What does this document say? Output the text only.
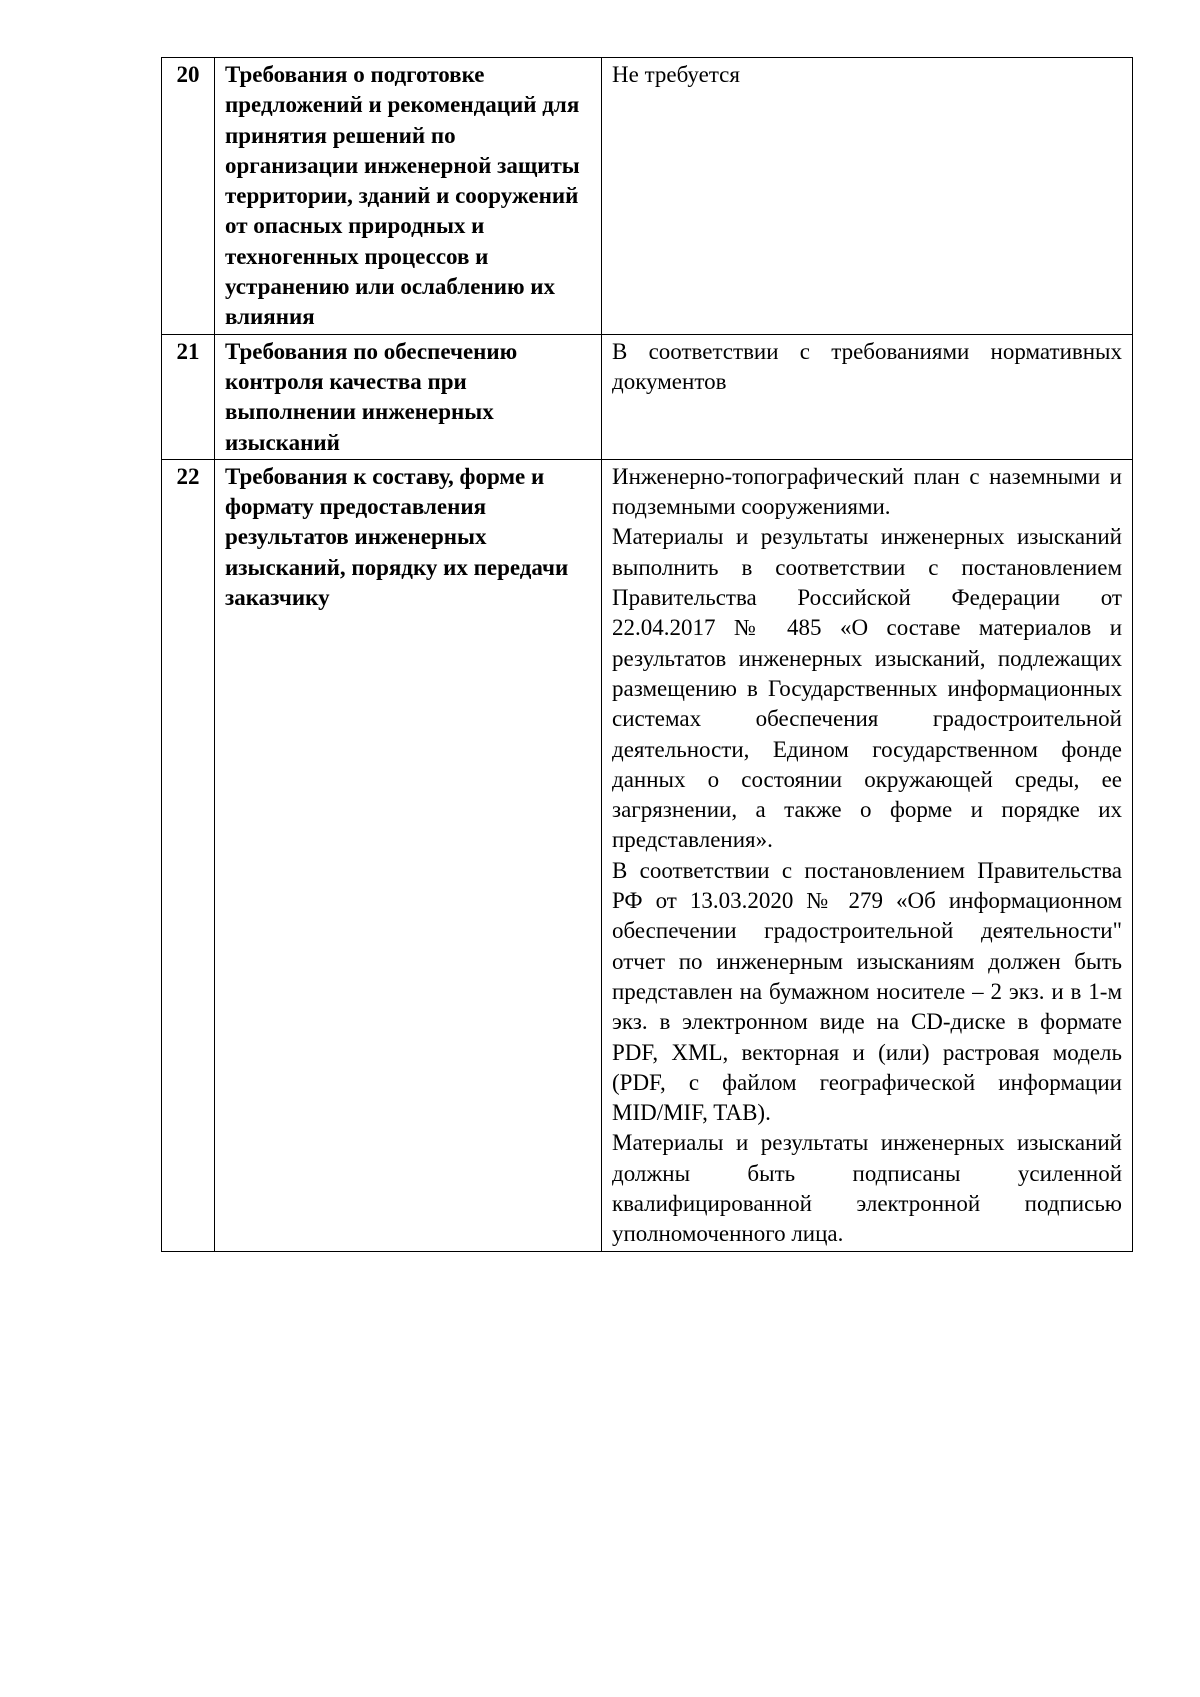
20	Требования о подготовке предложений и рекомендаций для принятия решений по организации инженерной защиты территории, зданий и сооружений от опасных природных и техногенных процессов и устранению или ослаблению их влияния	Не требуется

21	Требования по обеспечению контроля качества при выполнении инженерных изысканий	В соответствии с требованиями нормативных документов

22	Требования к составу, форме и формату предоставления результатов инженерных изысканий, порядку их передачи заказчику	Инженерно-топографический план с наземными и подземными сооружениями.

Материалы и результаты инженерных изысканий выполнить в соответствии с постановлением Правительства Российской Федерации от 22.04.2017 № 485 «О составе материалов и результатов инженерных изысканий, подлежащих размещению в Государственных информационных системах обеспечения градостроительной деятельности, Едином государственном фонде данных о состоянии окружающей среды, ее загрязнении, а также о форме и порядке их представления».

В соответствии с постановлением Правительства РФ от 13.03.2020 № 279 «Об информационном обеспечении градостроительной деятельности" отчет по инженерным изысканиям должен быть представлен на бумажном носителе – 2 экз. и в 1-м экз. в электронном виде на CD-диске в формате PDF, XML, векторная и (или) растровая модель (PDF, с файлом географической информации MID/MIF, TAB).

Материалы и результаты инженерных изысканий должны быть подписаны усиленной квалифицированной электронной подписью уполномоченного лица.
